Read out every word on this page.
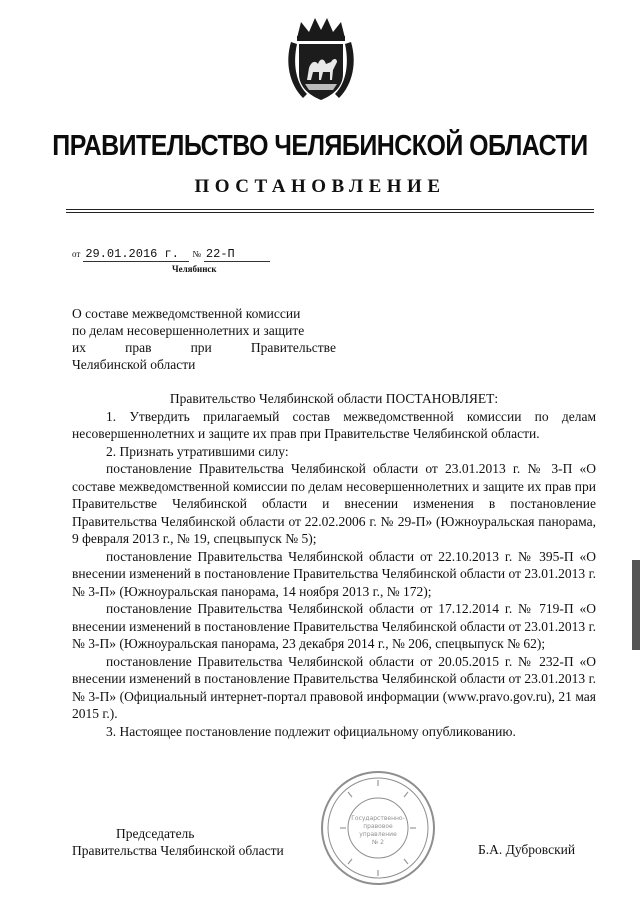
ПРАВИТЕЛЬСТВО ЧЕЛЯБИНСКОЙ ОБЛАСТИ
ПОСТАНОВЛЕНИЕ
от 29.01.2016 г. № 22-П
Челябинск
О составе межведомственной комиссии
по делам несовершеннолетних и защите
их	прав	при	Правительстве
Челябинской области

Правительство Челябинской области ПОСТАНОВЛЯЕТ:

1. Утвердить прилагаемый состав межведомственной комиссии по делам несовершеннолетних и защите их прав при Правительстве Челябинской области.

2. Признать утратившими силу:

постановление Правительства Челябинской области от 23.01.2013 г. № 3-П «О составе межведомственной комиссии по делам несовершеннолетних и защите их прав при Правительстве Челябинской области и внесении изменения в постановление Правительства Челябинской области от 22.02.2006 г. № 29-П» (Южноуральская панорама, 9 февраля 2013 г., № 19, спецвыпуск № 5);

постановление Правительства Челябинской области от 22.10.2013 г. № 395-П «О внесении изменений в постановление Правительства Челябинской области от 23.01.2013 г. № 3-П» (Южноуральская панорама, 14 ноября 2013 г., № 172);

постановление Правительства Челябинской области от 17.12.2014 г. № 719-П «О внесении изменений в постановление Правительства Челябинской области от 23.01.2013 г. № 3-П» (Южноуральская панорама, 23 декабря 2014 г., № 206, спецвыпуск № 62);

постановление Правительства Челябинской области от 20.05.2015 г. № 232-П «О внесении изменений в постановление Правительства Челябинской области от 23.01.2013 г. № 3-П» (Официальный интернет-портал правовой информации (www.pravo.gov.ru), 21 мая 2015 г.).

3. Настоящее постановление подлежит официальному опубликованию.

Государственно-
правовое
управление
№ 2
Председатель
Правительства Челябинской области	Б.А. Дубровский
